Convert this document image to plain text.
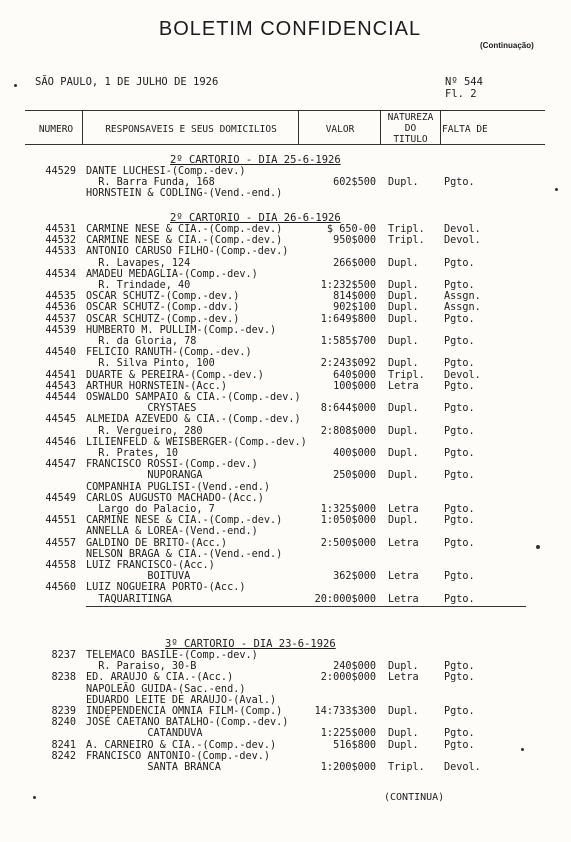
BOLETIM CONFIDENCIAL
(Continuação)
SÃO PAULO, 1 DE JULHO DE 1926	Nº 544
Fl. 2
NUMERO	RESPONSAVEIS E SEUS DOMICILIOS	VALOR
NATUREZA
DO
TITULO
FALTA DE
2º CARTORIO - DIA 25-6-1926
44529 DANTE LUCHESI-(Comp.-dev.)
R. Barra Funda, 168	602$500 Dupl. Pgto.
HORNSTEIN & CODLING-(Vend.-end.)
2º CARTORIO - DIA 26-6-1926
44531 CARMINE NESE & CIA.-(Comp.-dev.)	$ 650-00 Tripl. Devol.
44532 CARMINE NESE & CIA.-(Comp.-dev.)	950$000 Tripl. Devol.
44533 ANTONIO CARUSO FILHO-(Comp.-dev.)
R. Lavapes, 124	266$000 Dupl. Pgto.
44534 AMADEU MEDAGLIA-(Comp.-dev.)
R. Trindade, 40	1:232$500 Dupl. Pgto.
44535 OSCAR SCHUTZ-(Comp.-dev.)	814$000 Dupl. Assgn.
44536 OSCAR SCHUTZ-(Comp.-ddv.)	902$100 Dupl. Assgn.
44537 OSCAR SCHUTZ-(Comp.-dev.)	1:649$800 Dupl. Pgto.
44539 HUMBERTO M. PULLIM-(Comp.-dev.)
R. da Gloria, 78	1:585$700 Dupl. Pgto.
44540 FELICIO RANUTH-(Comp.-dev.)
R. Silva Pinto, 100	2:243$092 Dupl. Pgto.
44541 DUARTE & PEREIRA-(Comp.-dev.)	640$000 Tripl. Devol.
44543 ARTHUR HORNSTEIN-(Acc.)	100$000 Letra Pgto.
44544 OSWALDO SAMPAIO & CIA.-(Comp.-dev.)
CRYSTAES	8:644$000 Dupl. Pgto.
44545 ALMEIDA AZEVEDO & CIA.-(Comp.-dev.)
R. Vergueiro, 280	2:808$000 Dupl. Pgto.
44546 LILIENFELD & WEISBERGER-(Comp.-dev.)
R. Prates, 10	400$000 Dupl. Pgto.
44547 FRANCISCO ROSSI-(Comp.-dev.)
NUPORANGA	250$000 Dupl. Pgto.
COMPANHIA PUGLISI-(Vend.-end.)
44549 CARLOS AUGUSTO MACHADO-(Acc.)
Largo do Palacio, 7	1:325$000 Letra Pgto.
44551 CARMINE NESE & CIA.-(Comp.-dev.)	1:050$000 Dupl. Pgto.
ANNELLA & LOREA-(Vend.-end.)
44557 GALDINO DE BRITO-(Acc.)	2:500$000 Letra Pgto.
NELSON BRAGA & CIA.-(Vend.-end.)
44558 LUIZ FRANCISCO-(Acc.)
BOITUVA	362$000 Letra Pgto.
44560 LUIZ NOGUEIRA PORTO-(Acc.)
TAQUARITINGA	20:000$000 Letra Pgto.
3º CARTORIO - DIA 23-6-1926
8237 TELEMACO BASILE-(Comp.-dev.)
R. Paraiso, 30-B	240$000 Dupl. Pgto.
8238 ED. ARAUJO & CIA.-(Acc.)	2:000$000 Letra Pgto.
NAPOLEÃO GUIDA-(Sac.-end.)
EDUARDO LEITE DE ARAUJO-(Aval.)
8239 INDEPENDENCIA OMNIA FILM-(Comp.)	14:733$300 Dupl. Pgto.
8240 JOSÉ CAETANO BATALHO-(Comp.-dev.)
CATANDUVA	1:225$000 Dupl. Pgto.
8241 A. CARNEIRO & CIA.-(Comp.-dev.)	516$800 Dupl. Pgto.
8242 FRANCISCO ANTONIO-(Comp.-dev.)
SANTA BRANCA	1:200$000 Tripl. Devol.
(CONTINUA)
